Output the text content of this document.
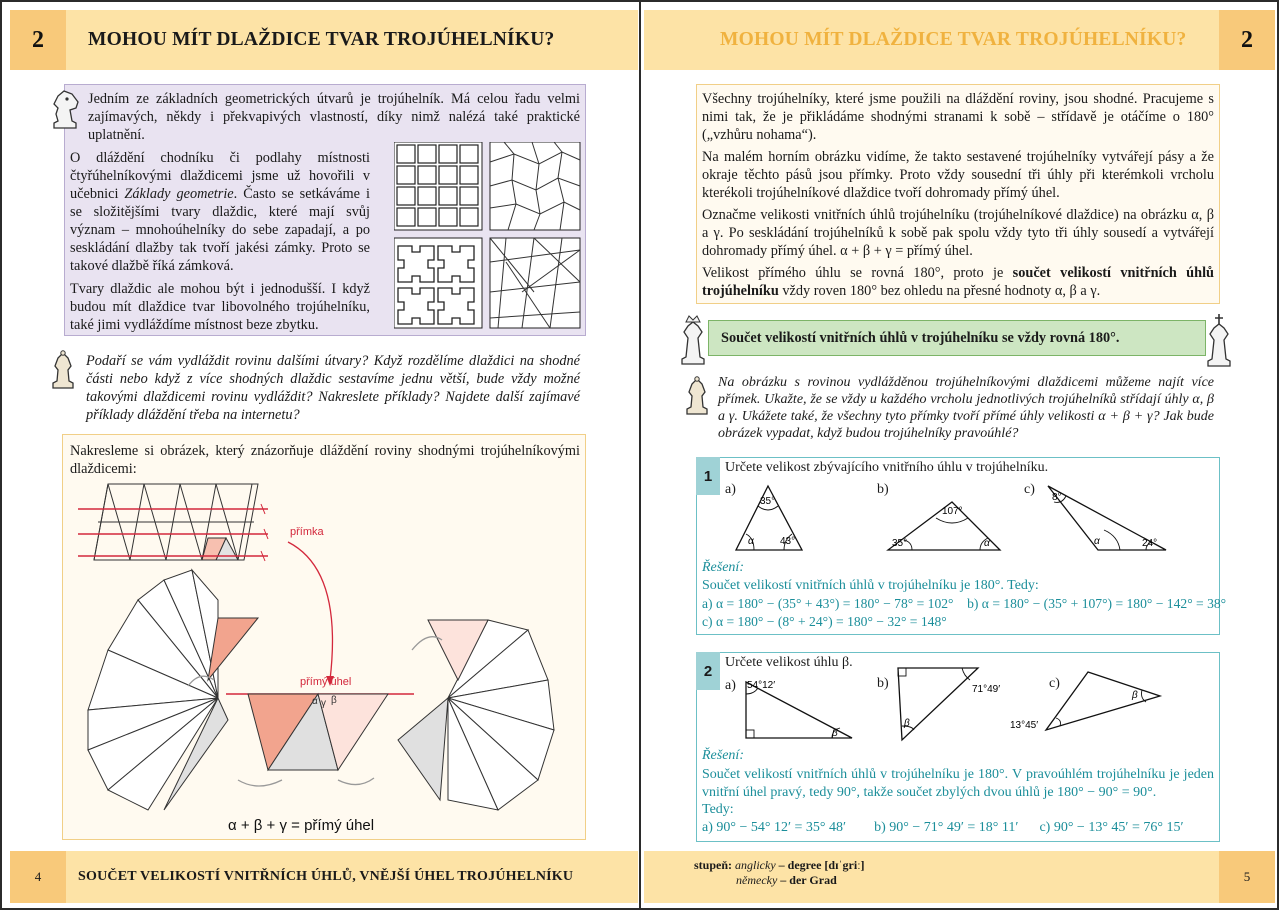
2	MOHOU MÍT DLAŽDICE TVAR TROJÚHELNÍKU?
Jedním ze základních geometrických útvarů je trojúhelník. Má celou řadu velmi zajímavých, někdy i překvapivých vlastností, díky nimž nalézá také praktické uplatnění.
O dláždění chodníku či podlahy místnosti čtyřúhelníkovými dlaždicemi jsme už hovořili v učebnici Základy geometrie. Často se setkáváme i se složitějšími tvary dlaždic, které mají svůj význam – mnohoúhelníky do sebe zapadají, a po seskládání dlažby tak tvoří jakési zámky. Proto se takové dlažbě říká zámková.
Tvary dlaždic ale mohou být i jednodušší. I když budou mít dlaždice tvar libovolného trojúhelníku, také jimi vydláždíme místnost beze zbytku.
Podaří se vám vydláždit rovinu dalšími útvary? Když rozdělíme dlaždici na shodné části nebo když z více shodných dlaždic sestavíme jednu větší, bude vždy možné takovými dlaždicemi rovinu vydláždit? Nakreslete příklady? Najdete další zajímavé příklady dláždění třeba na internetu?
Nakresleme si obrázek, který znázorňuje dláždění roviny shodnými trojúhelníkovými dlaždicemi:
přímka
přímý úhel
α γ β
α + β + γ = přímý úhel
4	SOUČET VELIKOSTÍ VNITŘNÍCH ÚHLŮ, VNĚJŠÍ ÚHEL TROJÚHELNÍKU
MOHOU MÍT DLAŽDICE TVAR TROJÚHELNÍKU?	2
Všechny trojúhelníky, které jsme použili na dláždění roviny, jsou shodné. Pracujeme s nimi tak, že je přikládáme shodnými stranami k sobě – střídavě je otáčíme o 180° („vzhůru nohama“).
Na malém horním obrázku vidíme, že takto sestavené trojúhelníky vytvářejí pásy a že okraje těchto pásů jsou přímky. Proto vždy sousední tři úhly při kterémkoli vrcholu kterékoli trojúhelníkové dlaždice tvoří dohromady přímý úhel.
Označme velikosti vnitřních úhlů trojúhelníku (trojúhelníkové dlaždice) na obrázku α, β a γ. Po seskládání trojúhelníků k sobě pak spolu vždy tyto tři úhly sousedí a vytvářejí dohromady přímý úhel. α + β + γ = přímý úhel.
Velikost přímého úhlu se rovná 180°, proto je součet velikostí vnitřních úhlů trojúhelníku vždy roven 180° bez ohledu na přesné hodnoty α, β a γ.
Součet velikostí vnitřních úhlů v trojúhelníku se vždy rovná 180°.
Na obrázku s rovinou vydlážděnou trojúhelníkovými dlaždicemi můžeme najít více přímek. Ukažte, že se vždy u každého vrcholu jednotlivých trojúhelníků střídají úhly α, β a γ. Ukážete také, že všechny tyto přímky tvoří přímé úhly velikosti α + β + γ? Jak bude obrázek vypadat, když budou trojúhelníky pravoúhlé?
1 Určete velikost zbývajícího vnitřního úhlu v trojúhelníku.
a)	b)	c)
35°
43°
α
107°
35°	α
8°
24°
α
Řešení:
Součet velikostí vnitřních úhlů v trojúhelníku je 180°. Tedy:
a) α = 180° − (35° + 43°) = 180° − 78° = 102°    b) α = 180° − (35° + 107°) = 180° − 142° = 38°
c) α = 180° − (8° + 24°) = 180° − 32° = 148°
2 Určete velikost úhlu β.
a)	b)	c)
54°12′
β
71°49′
β	13°45′
β
Řešení:
Součet velikostí vnitřních úhlů v trojúhelníku je 180°. V pravoúhlém trojúhelníku je jeden vnitřní úhel pravý, tedy 90°, takže součet zbylých dvou úhlů je 180° − 90° = 90°.
Tedy:
a) 90° − 54° 12′ = 35° 48′        b) 90° − 71° 49′ = 18° 11′      c) 90° − 13° 45′ = 76° 15′
stupeň: anglicky – degree [dɪˈgriː]
německy – der Grad	5
